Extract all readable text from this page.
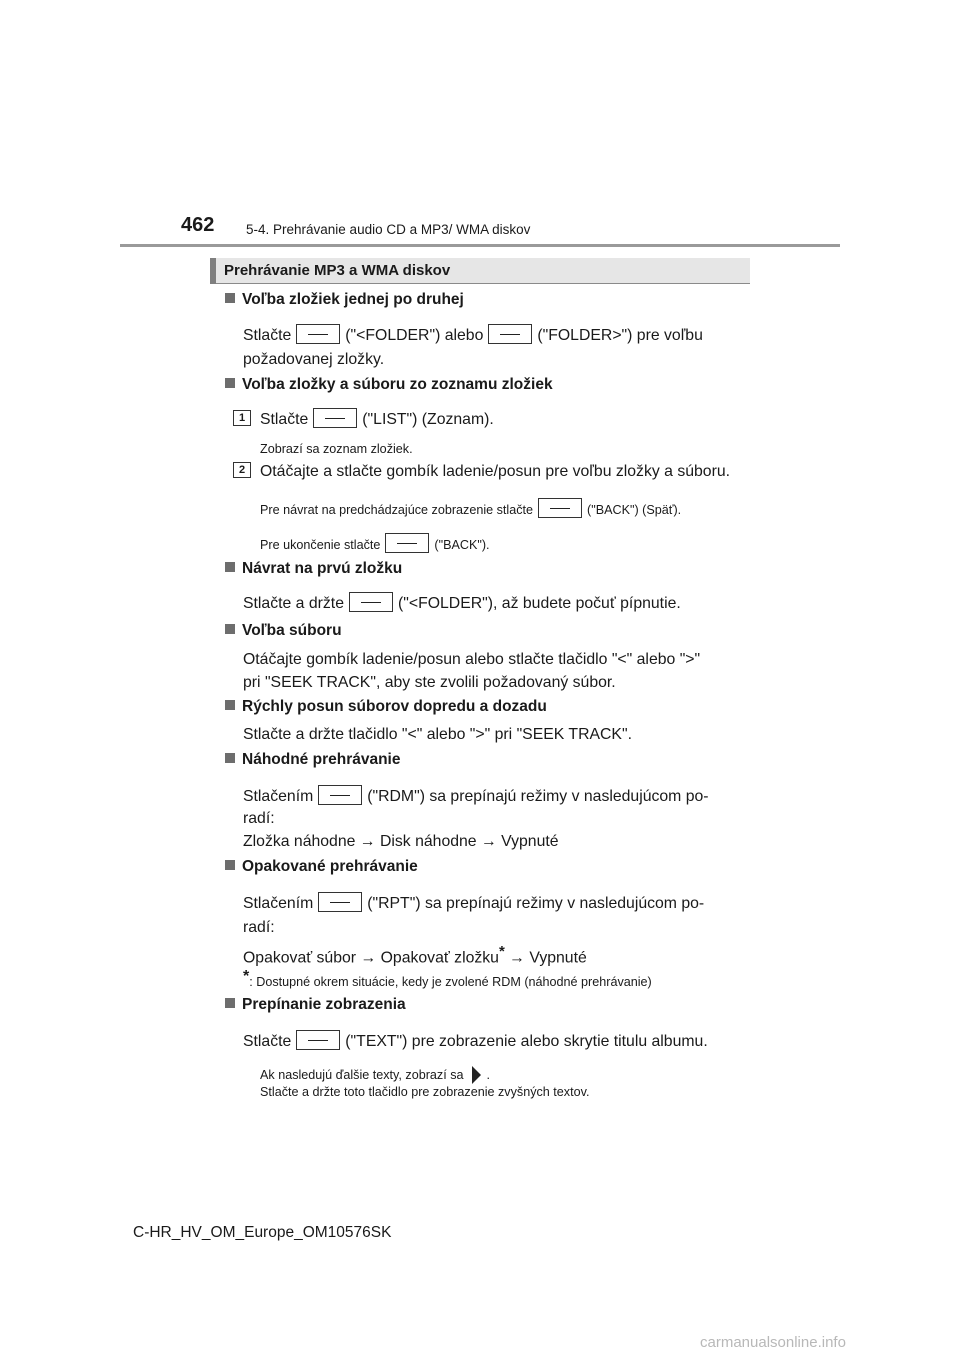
462 5-4. Prehrávanie audio CD a MP3/ WMA diskov
Prehrávanie MP3 a WMA diskov
Voľba zložiek jednej po druhej
Stlačte	("<FOLDER") alebo	("FOLDER>") pre voľbu
požadovanej zložky.
Voľba zložky a súboru zo zoznamu zložiek
1 Stlačte	("LIST") (Zoznam).
Zobrazí sa zoznam zložiek.
2 Otáčajte a stlačte gombík ladenie/posun pre voľbu zložky a súboru.
Pre návrat na predchádzajúce zobrazenie stlačte	("BACK") (Späť).
Pre ukončenie stlačte	("BACK").
Návrat na prvú zložku
Stlačte a držte	("<FOLDER"), až budete počuť pípnutie.
Voľba súboru
Otáčajte gombík ladenie/posun alebo stlačte tlačidlo "<" alebo ">"
pri "SEEK TRACK", aby ste zvolili požadovaný súbor.
Rýchly posun súborov dopredu a dozadu
Stlačte a držte tlačidlo "<" alebo ">" pri "SEEK TRACK".
Náhodné prehrávanie
Stlačením	("RDM") sa prepínajú režimy v nasledujúcom po-
radí:
Zložka náhodne → Disk náhodne → Vypnuté
Opakované prehrávanie
Stlačením	("RPT") sa prepínajú režimy v nasledujúcom po-
radí:
Opakovať súbor → Opakovať zložku* → Vypnuté
*: Dostupné okrem situácie, kedy je zvolené RDM (náhodné prehrávanie)
Prepínanie zobrazenia
Stlačte	("TEXT") pre zobrazenie alebo skrytie titulu albumu.
Ak nasledujú ďalšie texty, zobrazí sa .
Stlačte a držte toto tlačidlo pre zobrazenie zvyšných textov.
C-HR_HV_OM_Europe_OM10576SK
carmanualsonline.info
